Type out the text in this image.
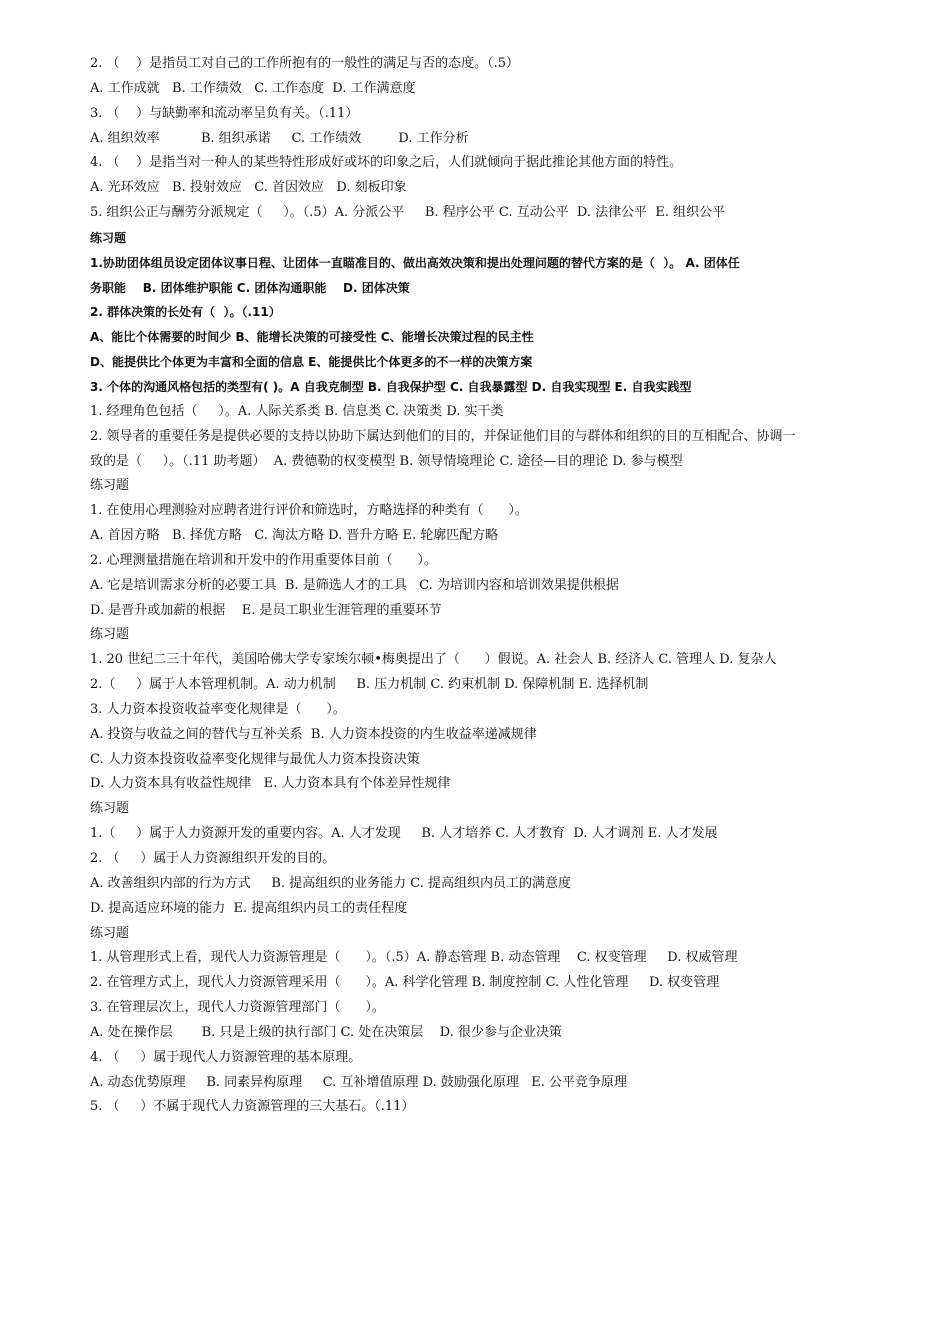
2. （    ）是指员工对自己的工作所抱有的一般性的满足与否的态度。（.5）
A. 工作成就   B. 工作绩效   C. 工作态度  D. 工作满意度
3. （    ）与缺勤率和流动率呈负有关。（.11）
A. 组织效率          B. 组织承诺     C. 工作绩效         D. 工作分析
4. （    ）是指当对一种人的某些特性形成好或坏的印象之后，人们就倾向于据此推论其他方面的特性。
A. 光环效应   B. 投射效应   C. 首因效应   D. 刻板印象
5. 组织公正与酬劳分派规定（     ）。（.5）A. 分派公平     B. 程序公平 C. 互动公平  D. 法律公平  E. 组织公平
练习题
1.协助团体组员设定团体议事日程、让团体一直瞄准目的、做出高效决策和提出处理问题的替代方案的是（  ）。 A. 团体任
务职能    B. 团体维护职能 C. 团体沟通职能    D. 团体决策
2. 群体决策的长处有（  ）。（.11）
A、能比个体需要的时间少 B、能增长决策的可接受性 C、能增长决策过程的民主性
D、能提供比个体更为丰富和全面的信息 E、能提供比个体更多的不一样的决策方案
3. 个体的沟通风格包括的类型有( )。A 自我克制型 B. 自我保护型 C. 自我暴露型 D. 自我实现型 E. 自我实践型
1. 经理角色包括（     ）。A. 人际关系类 B. 信息类 C. 决策类 D. 实干类
2. 领导者的重要任务是提供必要的支持以协助下属达到他们的目的，并保证他们目的与群体和组织的目的互相配合、协调一
致的是（     ）。（.11 助考题）  A. 费德勒的权变模型 B. 领导情境理论 C. 途径—目的理论 D. 参与模型
练习题
1. 在使用心理测验对应聘者进行评价和筛选时，方略选择的种类有（      ）。
A. 首因方略   B. 择优方略   C. 淘汰方略 D. 晋升方略 E. 轮廓匹配方略
2. 心理测量措施在培训和开发中的作用重要体目前（      ）。
A. 它是培训需求分析的必要工具  B. 是筛选人才的工具   C. 为培训内容和培训效果提供根据
D. 是晋升或加薪的根据    E. 是员工职业生涯管理的重要环节
练习题
1. 20 世纪二三十年代，美国哈佛大学专家埃尔顿•梅奥提出了（      ）假说。A. 社会人 B. 经济人 C. 管理人 D. 复杂人
2.（     ）属于人本管理机制。A. 动力机制     B. 压力机制 C. 约束机制 D. 保障机制 E. 选择机制
3. 人力资本投资收益率变化规律是（      ）。
A. 投资与收益之间的替代与互补关系  B. 人力资本投资的内生收益率递减规律
C. 人力资本投资收益率变化规律与最优人力资本投资决策
D. 人力资本具有收益性规律   E. 人力资本具有个体差异性规律
练习题
1.（     ）属于人力资源开发的重要内容。A. 人才发现     B. 人才培养 C. 人才教育  D. 人才调剂 E. 人才发展
2. （     ）属于人力资源组织开发的目的。
A. 改善组织内部的行为方式     B. 提高组织的业务能力 C. 提高组织内员工的满意度
D. 提高适应环境的能力  E. 提高组织内员工的责任程度
练习题
1. 从管理形式上看，现代人力资源管理是（      ）。（.5）A. 静态管理 B. 动态管理    C. 权变管理     D. 权威管理
2. 在管理方式上，现代人力资源管理采用（      ）。A. 科学化管理 B. 制度控制 C. 人性化管理     D. 权变管理
3. 在管理层次上，现代人力资源管理部门（      ）。
A. 处在操作层       B. 只是上级的执行部门 C. 处在决策层    D. 很少参与企业决策
4. （     ）属于现代人力资源管理的基本原理。
A. 动态优势原理     B. 同素异构原理     C. 互补增值原理 D. 鼓励强化原理   E. 公平竞争原理
5. （     ）不属于现代人力资源管理的三大基石。（.11）
